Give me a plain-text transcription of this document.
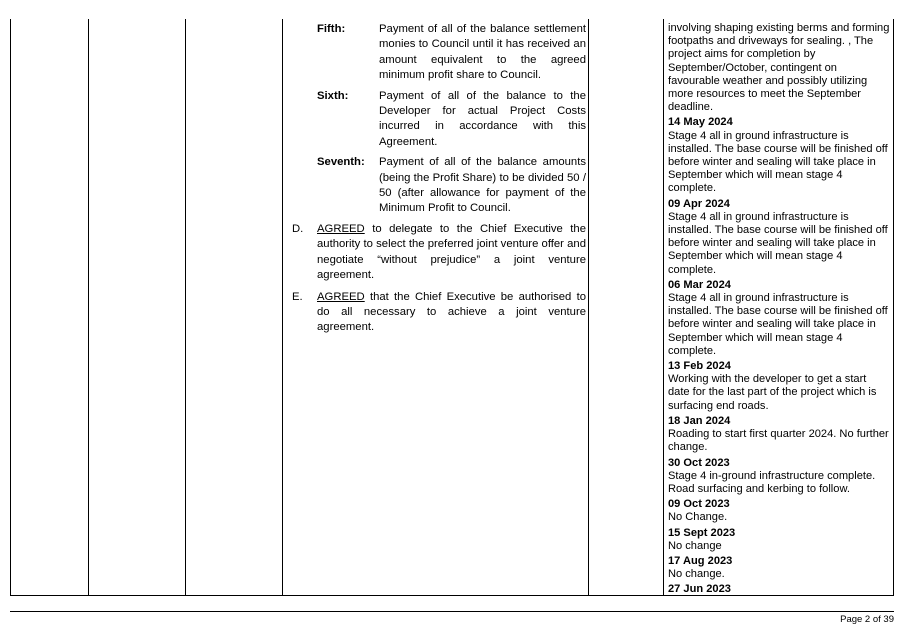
Fifth:	Payment of all of the balance settlement monies to Council until it has received an amount equivalent to the agreed minimum profit share to Council.
Sixth:	Payment of all of the balance to the Developer for actual Project Costs incurred in accordance with this Agreement.
Seventh:	Payment of all of the balance amounts (being the Profit Share) to be divided 50 / 50 (after allowance for payment of the Minimum Profit to Council.
D.	AGREED to delegate to the Chief Executive the authority to select the preferred joint venture offer and negotiate “without prejudice” a joint venture agreement.
E.	AGREED that the Chief Executive be authorised to do all necessary to achieve a joint venture agreement.
involving shaping existing berms and forming footpaths and driveways for sealing. , The project aims for completion by September/October, contingent on favourable weather and possibly utilizing more resources to meet the September deadline.
14 May 2024
Stage 4 all in ground infrastructure is installed. The base course will be finished off before winter and sealing will take place in September which will mean stage 4 complete.
09 Apr 2024
Stage 4 all in ground infrastructure is installed. The base course will be finished off before winter and sealing will take place in September which will mean stage 4 complete.
06 Mar 2024
Stage 4 all in ground infrastructure is installed. The base course will be finished off before winter and sealing will take place in September which will mean stage 4 complete.
13 Feb 2024
Working with the developer to get a start date for the last part of the project which is surfacing end roads.
18 Jan 2024
Roading to start first quarter 2024. No further change.
30 Oct 2023
Stage 4 in-ground infrastructure complete. Road surfacing and kerbing to follow.
09 Oct 2023
No Change.
15 Sept 2023
No change
17 Aug 2023
No change.
27 Jun 2023
Page 2 of 39
